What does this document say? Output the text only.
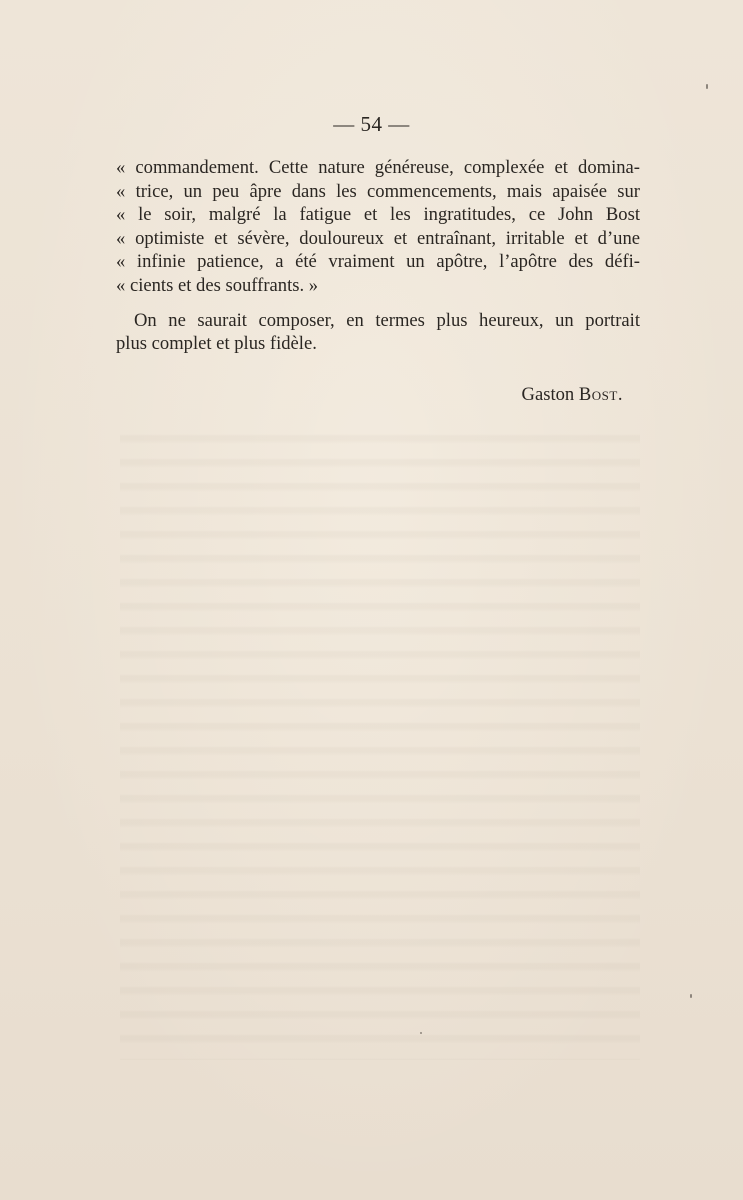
— 54 —
« commandement. Cette nature généreuse, complexée et domina-
« trice, un peu âpre dans les commencements, mais apaisée sur
« le soir, malgré la fatigue et les ingratitudes, ce John Bost
« optimiste et sévère, douloureux et entraînant, irritable et d’une
« infinie patience, a été vraiment un apôtre, l’apôtre des défi-
« cients et des souffrants. »
On ne saurait composer, en termes plus heureux, un portrait
plus complet et plus fidèle.
Gaston Bost.
